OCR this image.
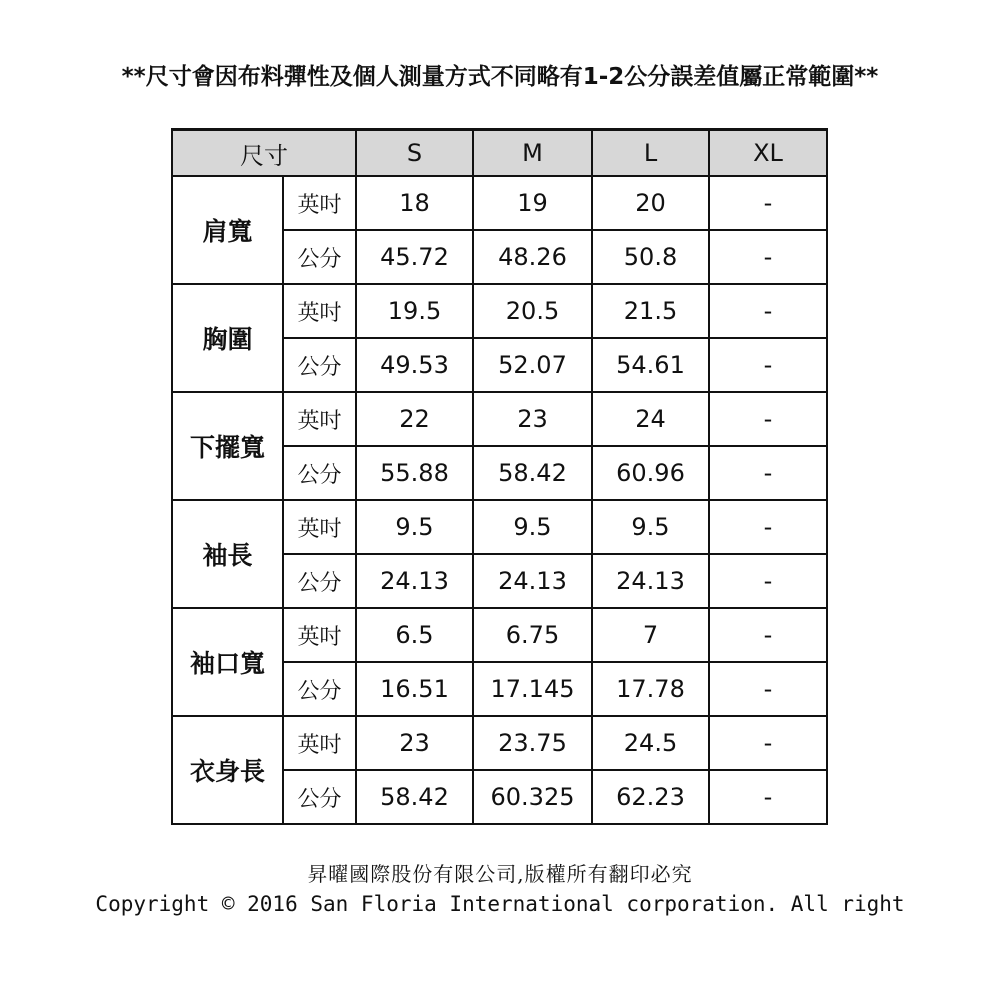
**尺寸會因布料彈性及個人測量方式不同略有1-2公分誤差值屬正常範圍**
尺寸		S	M	L	XL
肩寬	英吋	18	19	20	-
	公分	45.72	48.26	50.8	-
胸圍	英吋	19.5	20.5	21.5	-
	公分	49.53	52.07	54.61	-
下擺寬	英吋	22	23	24	-
	公分	55.88	58.42	60.96	-
袖長	英吋	9.5	9.5	9.5	-
	公分	24.13	24.13	24.13	-
袖口寬	英吋	6.5	6.75	7	-
	公分	16.51	17.145	17.78	-
衣身長	英吋	23	23.75	24.5	-
	公分	58.42	60.325	62.23	-
昇曜國際股份有限公司,版權所有翻印必究
Copyright © 2016 San Floria International corporation. All right
